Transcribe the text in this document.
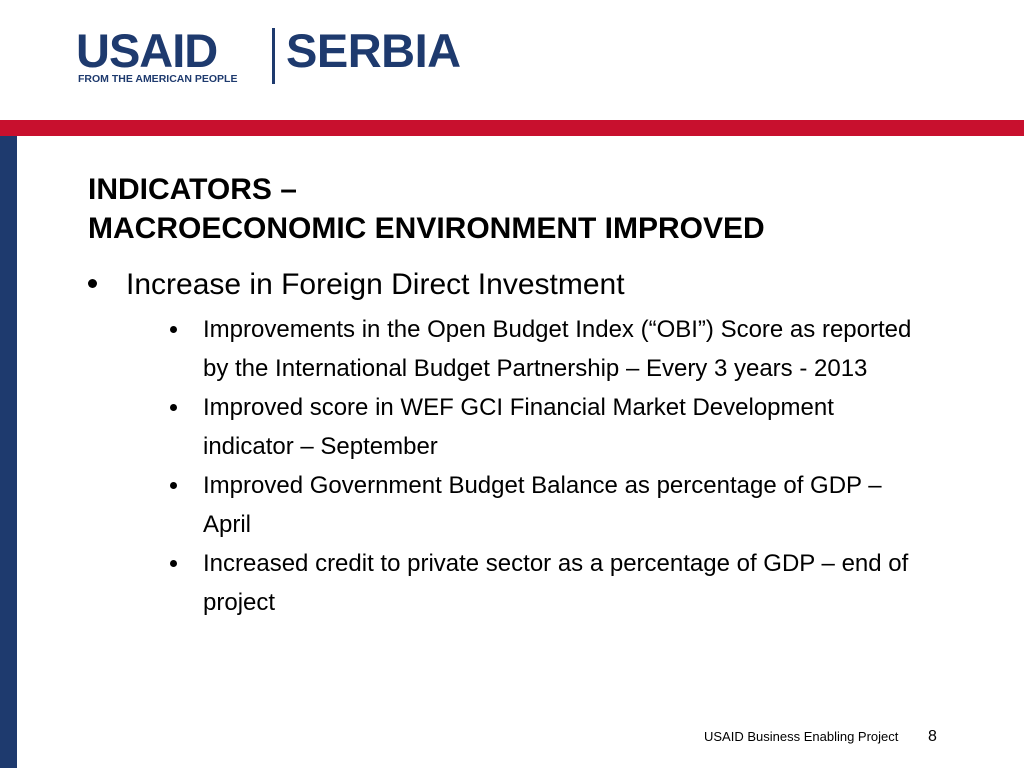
USAID
FROM THE AMERICAN PEOPLE
SERBIA
INDICATORS –
MACROECONOMIC ENVIRONMENT IMPROVED
Increase in Foreign Direct Investment
Improvements in the Open Budget Index (“OBI”) Score as reported by the International Budget Partnership – Every 3 years - 2013
Improved score in WEF GCI Financial Market Development indicator – September
Improved Government Budget Balance as percentage of GDP – April
Increased credit to private sector as a percentage of GDP – end of project
USAID Business Enabling Project 8
